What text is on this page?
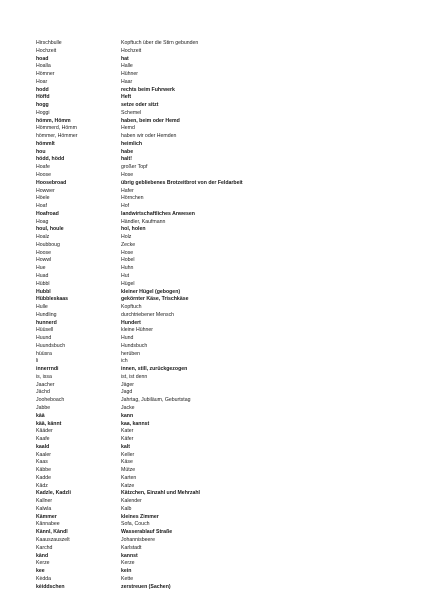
Hirschbulle	Kopftuch über die Stirn gebunden
Hochzeit	Hochzeit
hoad	hat
Hoalla	Halle
Hömner	Hühner
Hoar	Haar
hodd	rechts beim Fuhrwerk
Höffd	Heft
hogg	setze oder sitzt
Hoggi	Schemel
hömm, Hömm	haben, beim oder Hemd
Hömmerd, Hömm	Hemd
hömmer, Hömmer	haben wir oder Hemden
hömmlt	heimlich
hou	habe
hödd, hödd	halt!
Hoafe	großer Topf
Hoose	Hose
Hoosebroad	übrig gebliebenes Brotzeitbrot von der Feldarbeit
Howwer	Hafer
Höele	Hörnchen
Hoaf	Hof
Hoafroad	landwirtschaftliches Anwesen
Hoag	Händler, Kaufmann
houl, houle	hol, holen
Hoalz	Holz
Houbboug	Zecke
Hoose	Hose
Howwl	Hobel
Hue	Huhn
Huad	Hut
Hübbl	Hügel
Hubbl	kleiner Hügel (gebogen)
Hübbleskaas	gekörnter Käse, Trischkäse
Hulle	Kopftuch
Hundling	durchtriebener Mensch
hunnerd	Hundert
Hüüsell	kleine Hühner
Huund	Hund
Huundsbuch	Hundsbuch
hüüsra	herüben
li	ich
innerrndi	innen, still, zurückgezogen
is, issa	ist, ist denn
Jaacher	Jäger
Jächd	Jagd
Jooheboach	Jahrtag, Jubiläum, Geburtstag
Jabbe	Jacke
kåå	kann
kää, kännt	kaa, kannst
Kåäder	Kater
Kaafe	Käfer
kaald	kalt
Kaaler	Keller
Kaas	Käse
Käbbe	Mütze
Kadde	Karten
Kådz	Katze
Kadzle, Kadzli	Kätzchen, Einzahl und Mehrzahl
Kallner	Kalender
Kalwla	Kalb
Kåmmer	kleines Zimmer
Kånnabee	Sofa, Couch
Kånnl, Kåndl	Wasserablauf Straße
Kaauszauszelt	Johannisbeere
Karchd	Karlstadt
kånd	kannst
Kerze	Kerze
kee	kein
Kèdda	Kette
kèiddschen	zerstreuen (Sachen)
